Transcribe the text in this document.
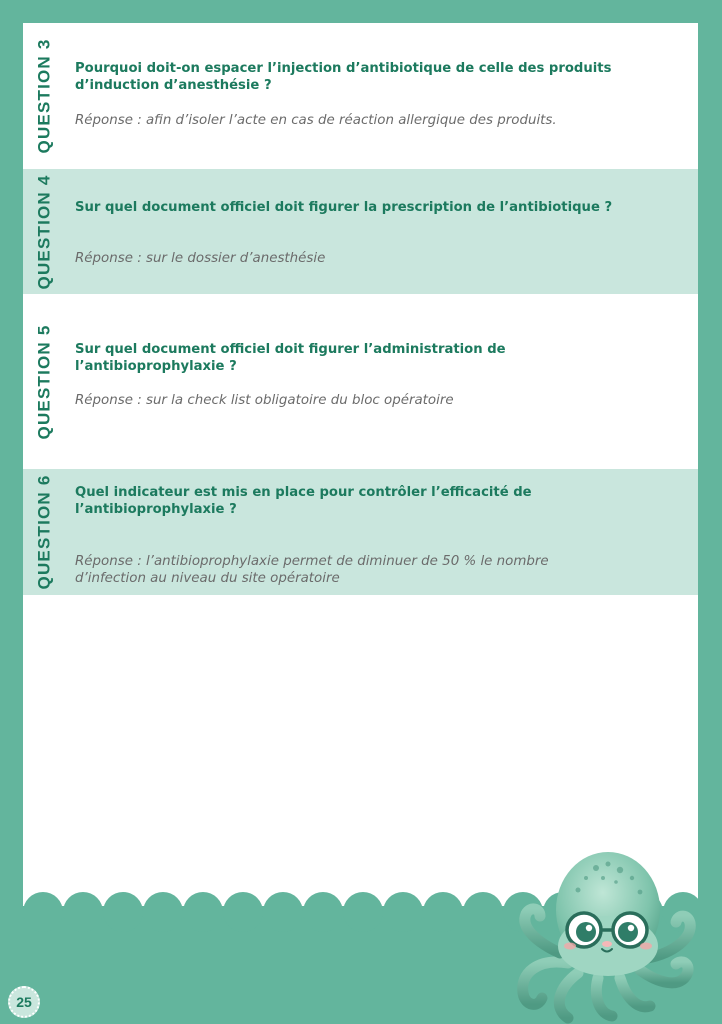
QUESTION 3 Pourquoi doit-on espacer l’injection d’antibiotique de celle des produits d’induction d’anesthésie ?
Réponse : afin d’isoler l’acte en cas de réaction allergique des produits.
QUESTION 4 Sur quel document officiel doit figurer la prescription de l’antibiotique ?
Réponse : sur le dossier d’anesthésie
QUESTION 5 Sur quel document officiel doit figurer l’administration de l’antibioprophylaxie ?
Réponse : sur la check list obligatoire du bloc opératoire
QUESTION 6 Quel indicateur est mis en place pour contrôler l’efficacité de l’antibioprophylaxie ?
Réponse : l’antibioprophylaxie permet de diminuer de 50 % le nombre d’infection au niveau du site opératoire
25
